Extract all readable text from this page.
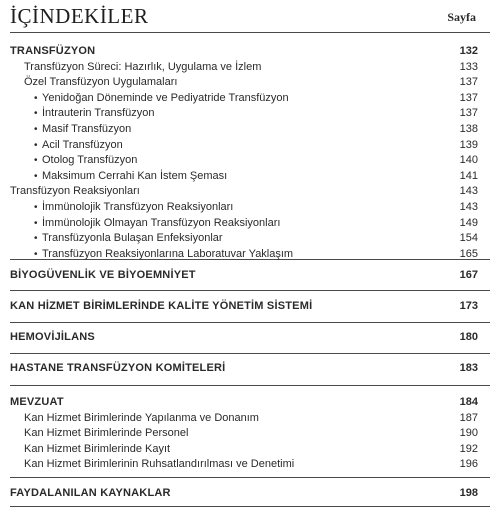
İÇİNDEKİLER	Sayfa
TRANSFÜZYON	132
Transfüzyon Süreci: Hazırlık, Uygulama ve İzlem	133
Özel Transfüzyon Uygulamaları	137
• Yenidoğan Döneminde ve Pediyatride Transfüzyon	137
• İntrauterin Transfüzyon	137
• Masif Transfüzyon	138
• Acil Transfüzyon	139
• Otolog Transfüzyon	140
• Maksimum Cerrahi Kan İstem Şeması	141
Transfüzyon Reaksiyonları	143
• İmmünolojik Transfüzyon Reaksiyonları	143
• İmmünolojik Olmayan Transfüzyon Reaksiyonları	149
• Transfüzyonla Bulaşan Enfeksiyonlar	154
• Transfüzyon Reaksiyonlarına Laboratuvar Yaklaşım	165
BİYOGÜVENLİK VE BİYOEMNİYET	167
KAN HİZMET BİRİMLERİNDE KALİTE YÖNETİM SİSTEMİ	173
HEMOVİJİLANS	180
HASTANE TRANSFÜZYON KOMİTELERİ	183
MEVZUAT	184
Kan Hizmet Birimlerinde Yapılanma ve Donanım	187
Kan Hizmet Birimlerinde Personel	190
Kan Hizmet Birimlerinde Kayıt	192
Kan Hizmet Birimlerinin Ruhsatlandırılması ve Denetimi	196
FAYDALANILAN KAYNAKLAR	198
